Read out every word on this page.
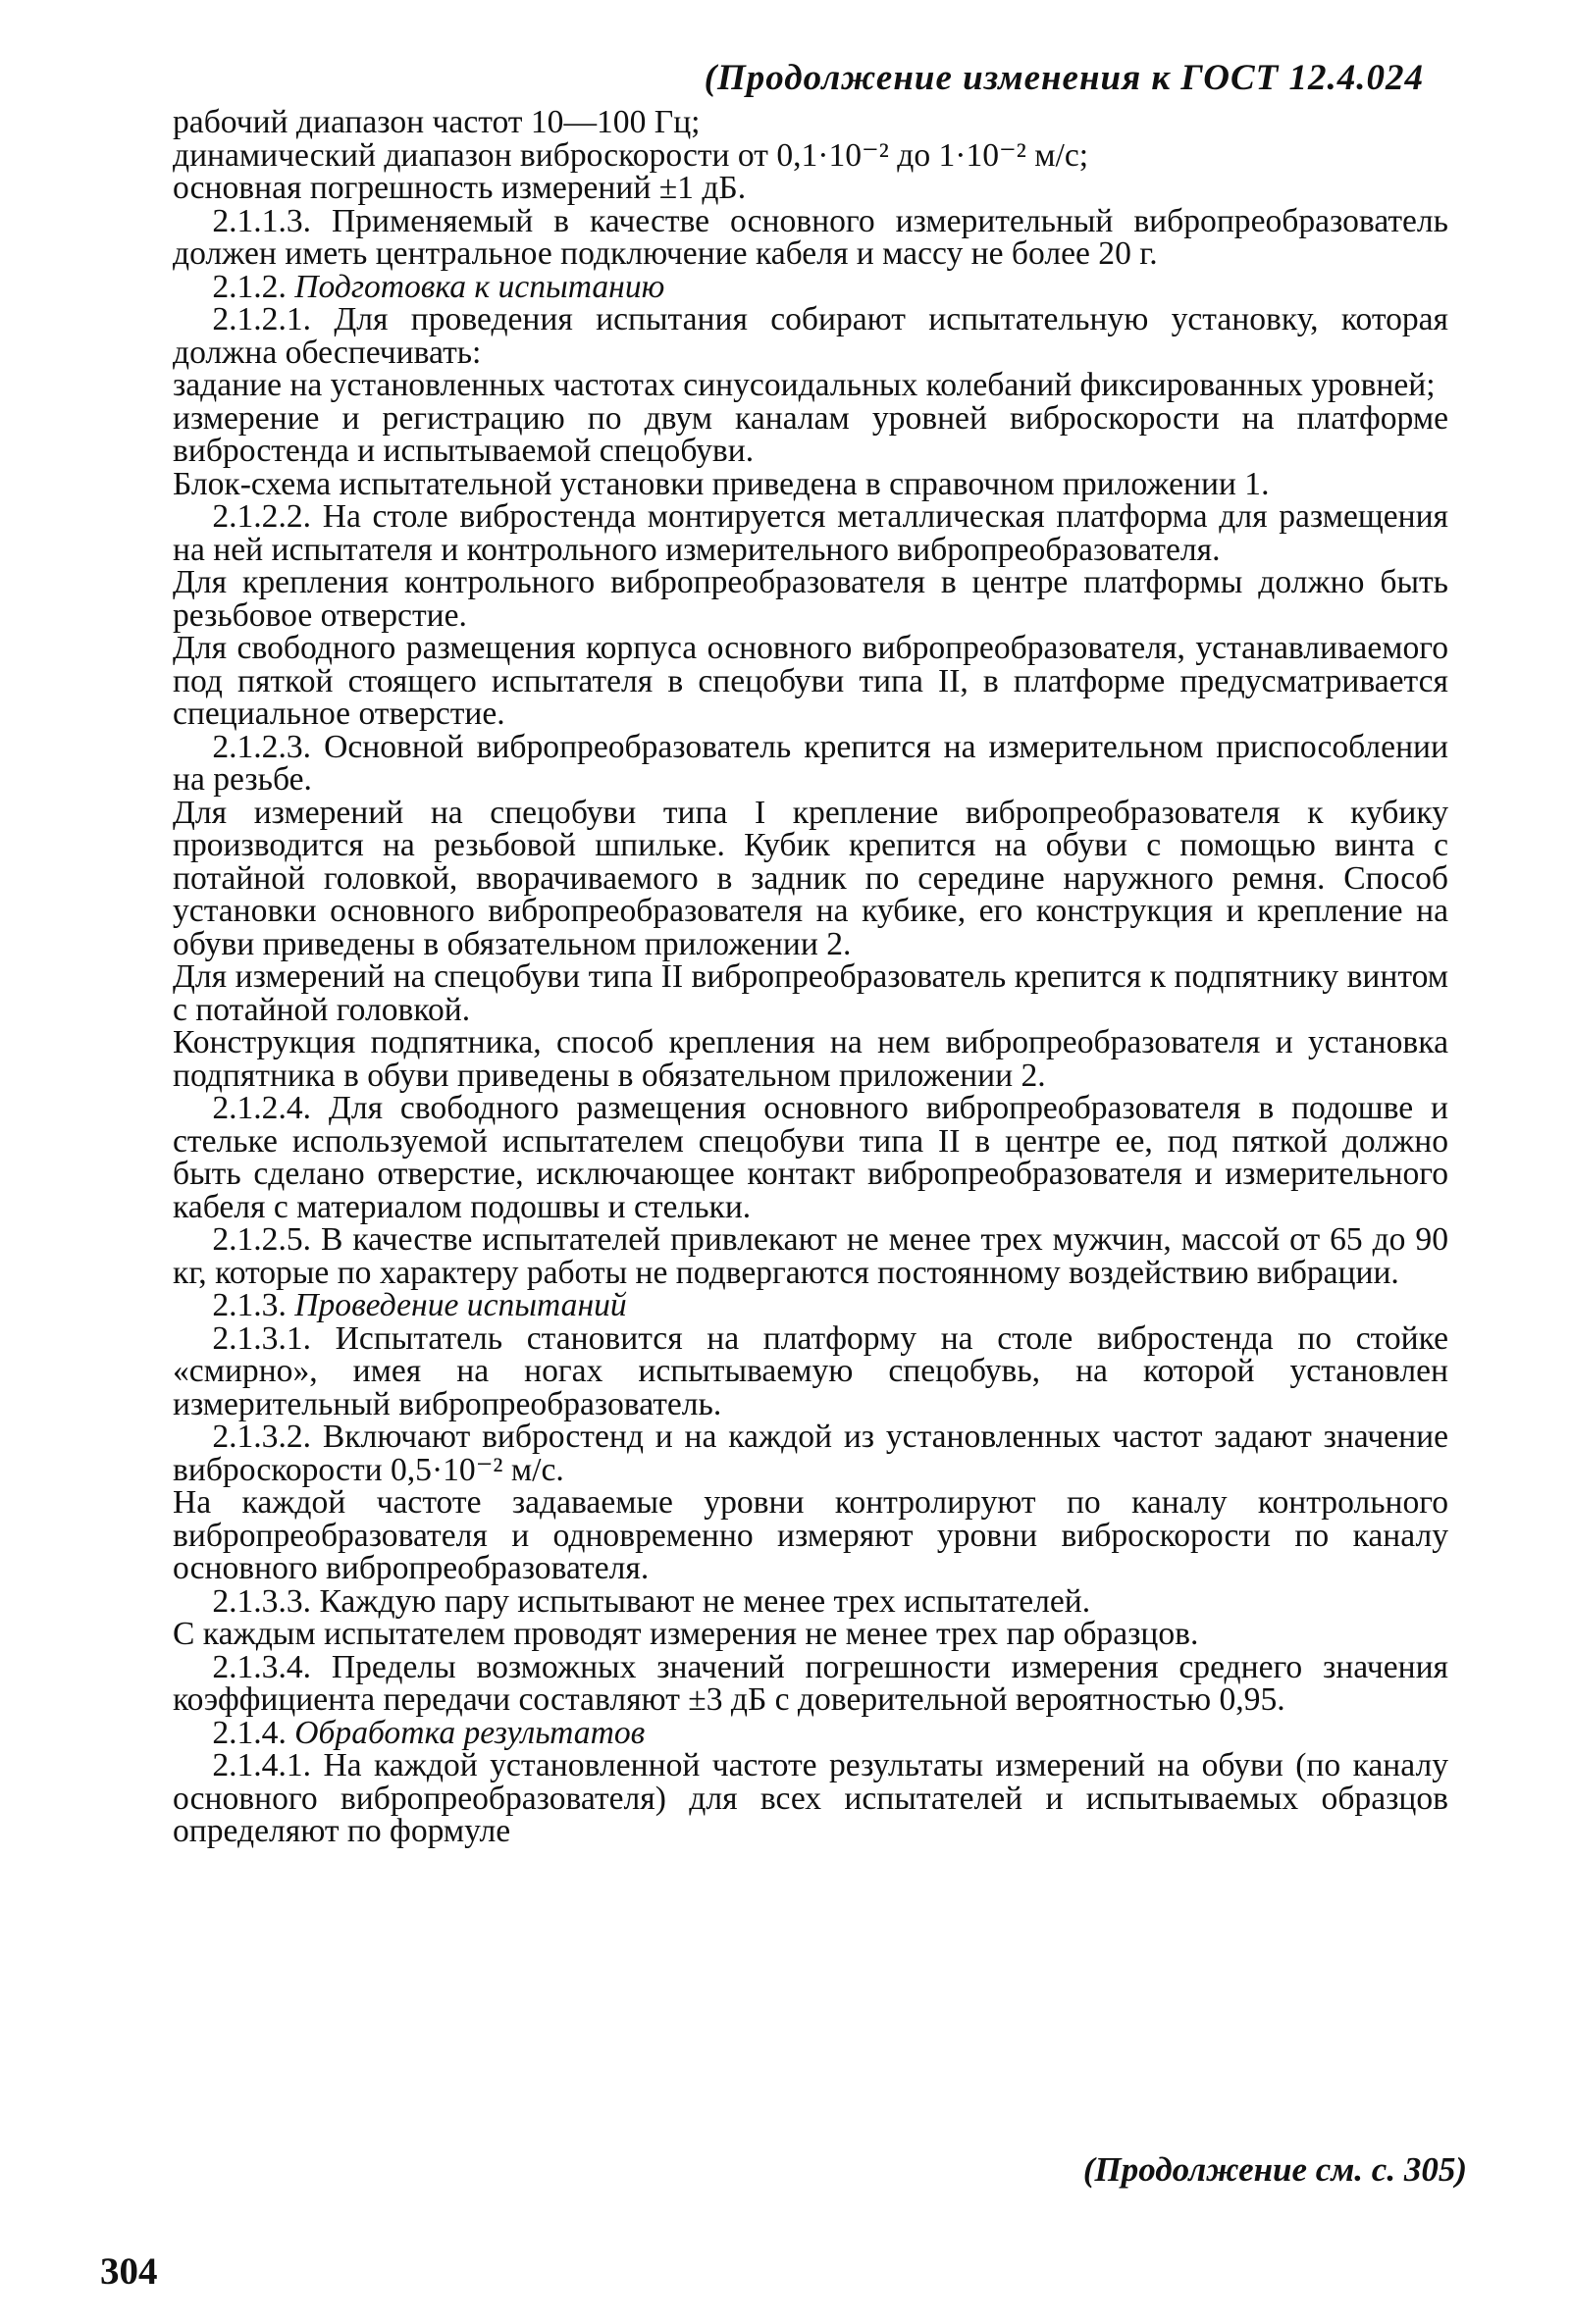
(Продолжение изменения к ГОСТ 12.4.024

рабочий диапазон частот 10—100 Гц;

динамический диапазон виброскорости от 0,1·10⁻² до 1·10⁻² м/с;

основная погрешность измерений ±1 дБ.

2.1.1.3. Применяемый в качестве основного измерительный вибропреобразователь должен иметь центральное подключение кабеля и массу не более 20 г.

2.1.2. Подготовка к испытанию

2.1.2.1. Для проведения испытания собирают испытательную установку, которая должна обеспечивать:

задание на установленных частотах синусоидальных колебаний фиксированных уровней;

измерение и регистрацию по двум каналам уровней виброскорости на платформе вибростенда и испытываемой спецобуви.

Блок-схема испытательной установки приведена в справочном приложении 1.

2.1.2.2. На столе вибростенда монтируется металлическая платформа для размещения на ней испытателя и контрольного измерительного вибропреобразователя.

Для крепления контрольного вибропреобразователя в центре платформы должно быть резьбовое отверстие.

Для свободного размещения корпуса основного вибропреобразователя, устанавливаемого под пяткой стоящего испытателя в спецобуви типа II, в платформе предусматривается специальное отверстие.

2.1.2.3. Основной вибропреобразователь крепится на измерительном приспособлении на резьбе.

Для измерений на спецобуви типа I крепление вибропреобразователя к кубику производится на резьбовой шпильке. Кубик крепится на обуви с помощью винта с потайной головкой, вворачиваемого в задник по середине наружного ремня. Способ установки основного вибропреобразователя на кубике, его конструкция и крепление на обуви приведены в обязательном приложении 2.

Для измерений на спецобуви типа II вибропреобразователь крепится к подпятнику винтом с потайной головкой.

Конструкция подпятника, способ крепления на нем вибропреобразователя и установка подпятника в обуви приведены в обязательном приложении 2.

2.1.2.4. Для свободного размещения основного вибропреобразователя в подошве и стельке используемой испытателем спецобуви типа II в центре ее, под пяткой должно быть сделано отверстие, исключающее контакт вибропреобразователя и измерительного кабеля с материалом подошвы и стельки.

2.1.2.5. В качестве испытателей привлекают не менее трех мужчин, массой от 65 до 90 кг, которые по характеру работы не подвергаются постоянному воздействию вибрации.

2.1.3. Проведение испытаний

2.1.3.1. Испытатель становится на платформу на столе вибростенда по стойке «смирно», имея на ногах испытываемую спецобувь, на которой установлен измерительный вибропреобразователь.

2.1.3.2. Включают вибростенд и на каждой из установленных частот задают значение виброскорости 0,5·10⁻² м/с.

На каждой частоте задаваемые уровни контролируют по каналу контрольного вибропреобразователя и одновременно измеряют уровни виброскорости по каналу основного вибропреобразователя.

2.1.3.3. Каждую пару испытывают не менее трех испытателей.

С каждым испытателем проводят измерения не менее трех пар образцов.

2.1.3.4. Пределы возможных значений погрешности измерения среднего значения коэффициента передачи составляют ±3 дБ с доверительной вероятностью 0,95.

2.1.4. Обработка результатов

2.1.4.1. На каждой установленной частоте результаты измерений на обуви (по каналу основного вибропреобразователя) для всех испытателей и испытываемых образцов определяют по формуле

(Продолжение см. с. 305)
304
